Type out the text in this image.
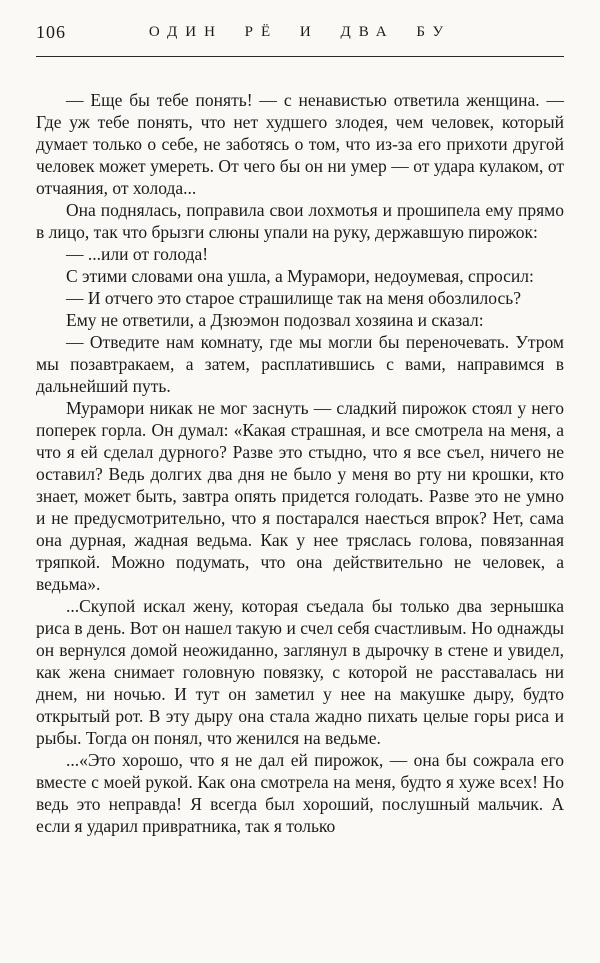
106	ОДИН РЁ И ДВА БУ

— Еще бы тебе понять! — с ненавистью ответила женщина. — Где уж тебе понять, что нет худшего злодея, чем человек, который думает только о себе, не заботясь о том, что из-за его прихоти другой человек может умереть. От чего бы он ни умер — от удара кулаком, от отчаяния, от холода...

Она поднялась, поправила свои лохмотья и прошипела ему прямо в лицо, так что брызги слюны упали на руку, державшую пирожок:

— ...или от голода!

С этими словами она ушла, а Мурамори, недоумевая, спросил:

— И отчего это старое страшилище так на меня обозлилось?

Ему не ответили, а Дзюэмон подозвал хозяина и сказал:

— Отведите нам комнату, где мы могли бы переночевать. Утром мы позавтракаем, а затем, расплатившись с вами, направимся в дальнейший путь.

Мурамори никак не мог заснуть — сладкий пирожок стоял у него поперек горла. Он думал: «Какая страшная, и все смотрела на меня, а что я ей сделал дурного? Разве это стыдно, что я все съел, ничего не оставил? Ведь долгих два дня не было у меня во рту ни крошки, кто знает, может быть, завтра опять придется голодать. Разве это не умно и не предусмотрительно, что я постарался наесться впрок? Нет, сама она дурная, жадная ведьма. Как у нее тряслась голова, повязанная тряпкой. Можно подумать, что она действительно не человек, а ведьма».

...Скупой искал жену, которая съедала бы только два зернышка риса в день. Вот он нашел такую и счел себя счастливым. Но однажды он вернулся домой неожиданно, заглянул в дырочку в стене и увидел, как жена снимает головную повязку, с которой не расставалась ни днем, ни ночью. И тут он заметил у нее на макушке дыру, будто открытый рот. В эту дыру она стала жадно пихать целые горы риса и рыбы. Тогда он понял, что женился на ведьме.

...«Это хорошо, что я не дал ей пирожок, — она бы сожрала его вместе с моей рукой. Как она смотрела на меня, будто я хуже всех! Но ведь это неправда! Я всегда был хороший, послушный мальчик. А если я ударил привратника, так я только
